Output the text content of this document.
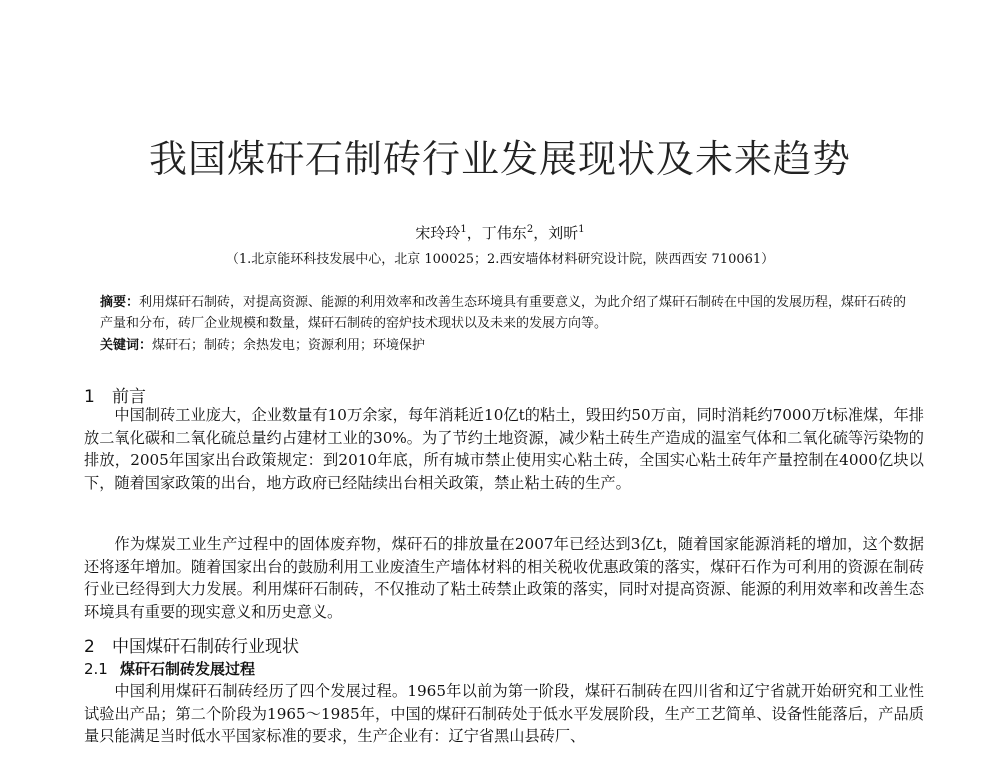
我国煤矸石制砖行业发展现状及未来趋势
宋玲玲$^1$，丁伟东$^2$，刘昕$^1$
（1.北京能环科技发展中心，北京 100025；2.西安墙体材料研究设计院，陕西西安 710061）
摘要：利用煤矸石制砖，对提高资源、能源的利用效率和改善生态环境具有重要意义，为此介绍了煤矸石制砖在中国的发展历程，煤矸石砖的产量和分布，砖厂企业规模和数量，煤矸石制砖的窑炉技术现状以及未来的发展方向等。
关键词：煤矸石；制砖；余热发电；资源利用；环境保护
1 前言

中国制砖工业庞大，企业数量有10万余家，每年消耗近10亿t的粘土，毁田约50万亩，同时消耗约7000万t标准煤，年排放二氧化碳和二氧化硫总量约占建材工业的30%。为了节约土地资源，减少粘土砖生产造成的温室气体和二氧化硫等污染物的排放，2005年国家出台政策规定：到2010年底，所有城市禁止使用实心粘土砖，全国实心粘土砖年产量控制在4000亿块以下，随着国家政策的出台，地方政府已经陆续出台相关政策，禁止粘土砖的生产。

作为煤炭工业生产过程中的固体废弃物，煤矸石的排放量在2007年已经达到3亿t，随着国家能源消耗的增加，这个数据还将逐年增加。随着国家出台的鼓励利用工业废渣生产墙体材料的相关税收优惠政策的落实，煤矸石作为可利用的资源在制砖行业已经得到大力发展。利用煤矸石制砖，不仅推动了粘土砖禁止政策的落实，同时对提高资源、能源的利用效率和改善生态环境具有重要的现实意义和历史意义。

2 中国煤矸石制砖行业现状
2.1 煤矸石制砖发展过程

中国利用煤矸石制砖经历了四个发展过程。1965年以前为第一阶段，煤矸石制砖在四川省和辽宁省就开始研究和工业性试验出产品；第二个阶段为1965～1985年，中国的煤矸石制砖处于低水平发展阶段，生产工艺简单、设备性能落后，产品质量只能满足当时低水平国家标准的要求，生产企业有：辽宁省黑山县砖厂、
